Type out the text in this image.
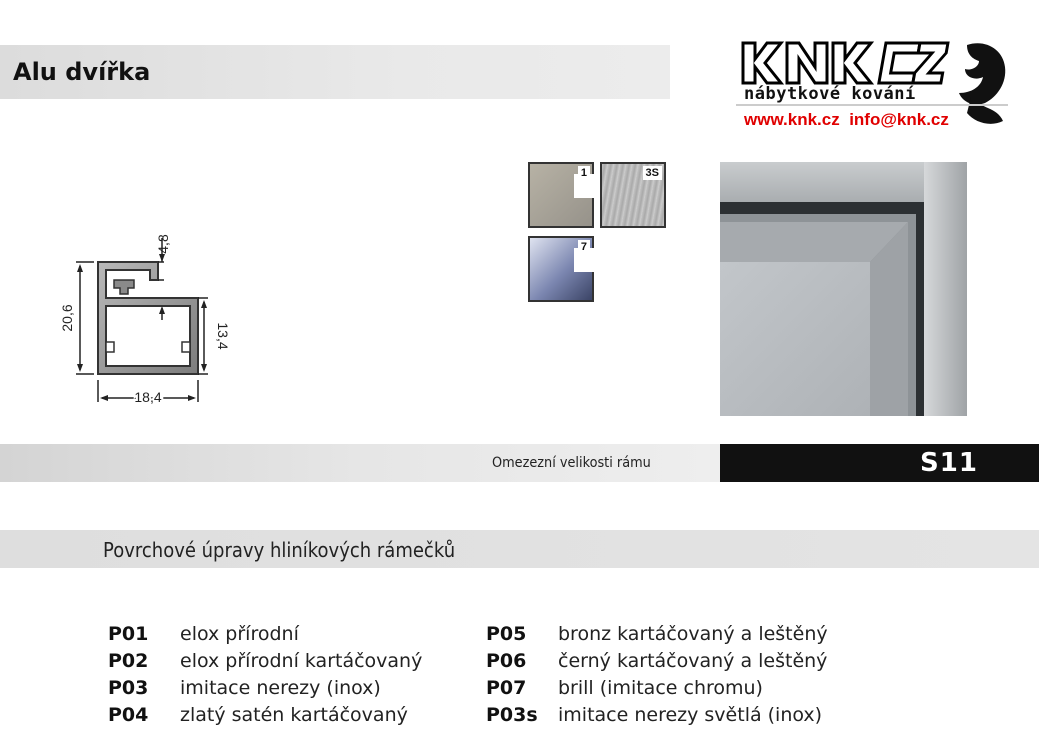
Alu dvířka
nábytkové kování
www.knk.cz info@knk.cz
4,8
20,6
13,4
18,4
1	3S
7
Omezezní velikosti rámu	S11
Povrchové úpravy hliníkových rámečků
P01 elox přírodní
P02 elox přírodní kartáčovaný
P03 imitace nerezy (inox)
P04 zlatý satén kartáčovaný
P05 bronz kartáčovaný a leštěný
P06 černý kartáčovaný a leštěný
P07 brill (imitace chromu)
P03s imitace nerezy světlá (inox)
